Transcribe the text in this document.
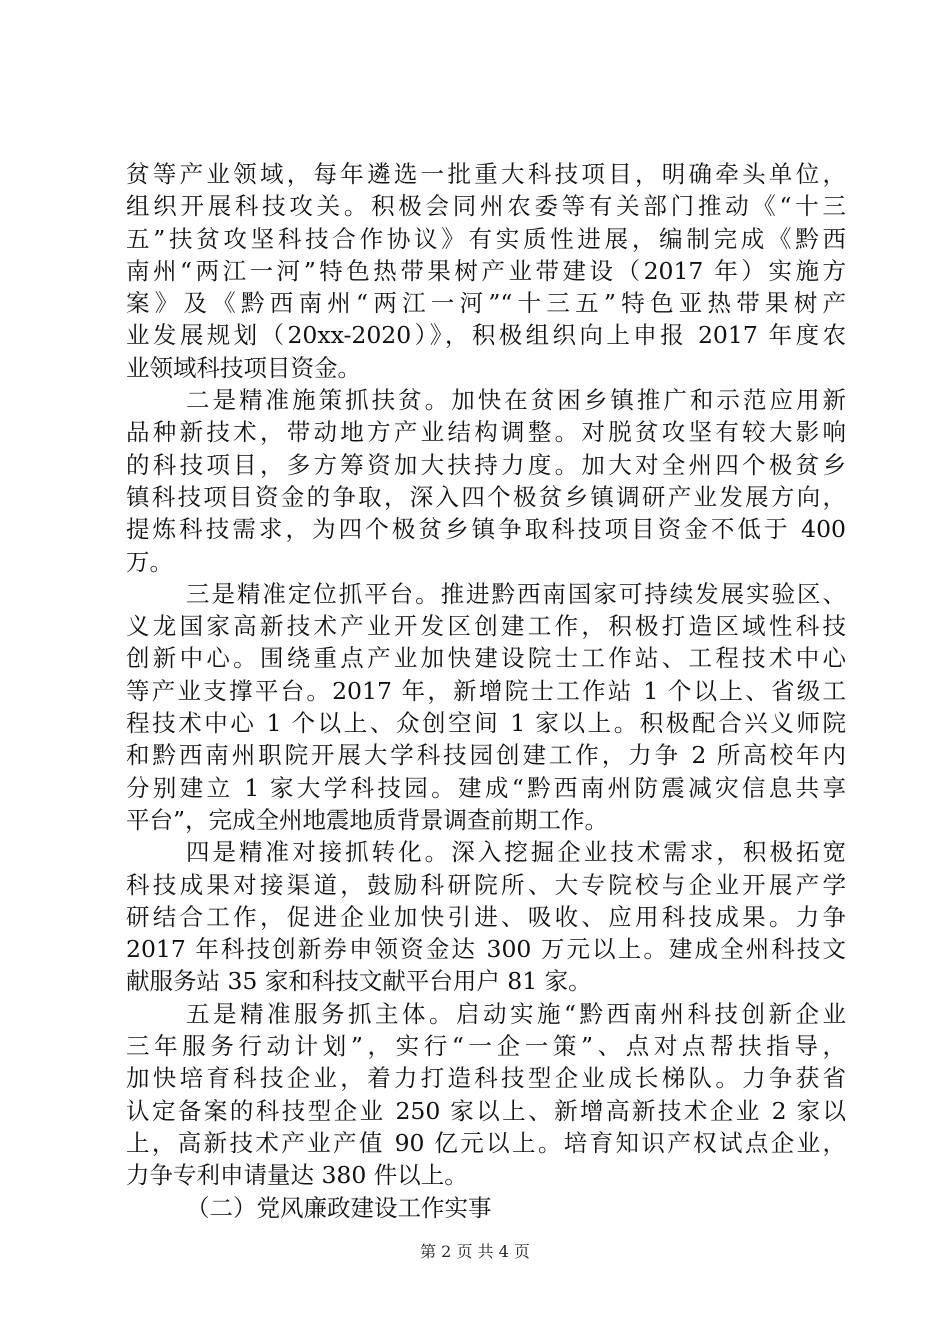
贫等产业领域，每年遴选一批重大科技项目，明确牵头单位，
组织开展科技攻关。积极会同州农委等有关部门推动《“十三
五”扶贫攻坚科技合作协议》有实质性进展，编制完成《黔西
南州“两江一河”特色热带果树产业带建设（2017 年）实施方
案》及《黔西南州“两江一河”“十三五”特色亚热带果树产
业发展规划（20xx-2020）》，积极组织向上申报 2017 年度农
业领域科技项目资金。
二是精准施策抓扶贫。加快在贫困乡镇推广和示范应用新
品种新技术，带动地方产业结构调整。对脱贫攻坚有较大影响
的科技项目，多方筹资加大扶持力度。加大对全州四个极贫乡
镇科技项目资金的争取，深入四个极贫乡镇调研产业发展方向，
提炼科技需求，为四个极贫乡镇争取科技项目资金不低于 400
万。
三是精准定位抓平台。推进黔西南国家可持续发展实验区、
义龙国家高新技术产业开发区创建工作，积极打造区域性科技
创新中心。围绕重点产业加快建设院士工作站、工程技术中心
等产业支撑平台。2017 年，新增院士工作站 1 个以上、省级工
程技术中心 1 个以上、众创空间 1 家以上。积极配合兴义师院
和黔西南州职院开展大学科技园创建工作，力争 2 所高校年内
分别建立 1 家大学科技园。建成“黔西南州防震减灾信息共享
平台”，完成全州地震地质背景调查前期工作。
四是精准对接抓转化。深入挖掘企业技术需求，积极拓宽
科技成果对接渠道，鼓励科研院所、大专院校与企业开展产学
研结合工作，促进企业加快引进、吸收、应用科技成果。力争
2017 年科技创新券申领资金达 300 万元以上。建成全州科技文
献服务站 35 家和科技文献平台用户 81 家。
五是精准服务抓主体。启动实施“黔西南州科技创新企业
三年服务行动计划”，实行“一企一策”、点对点帮扶指导，
加快培育科技企业，着力打造科技型企业成长梯队。力争获省
认定备案的科技型企业 250 家以上、新增高新技术企业 2 家以
上，高新技术产业产值 90 亿元以上。培育知识产权试点企业，
力争专利申请量达 380 件以上。
（二）党风廉政建设工作实事
第 2 页 共 4 页
